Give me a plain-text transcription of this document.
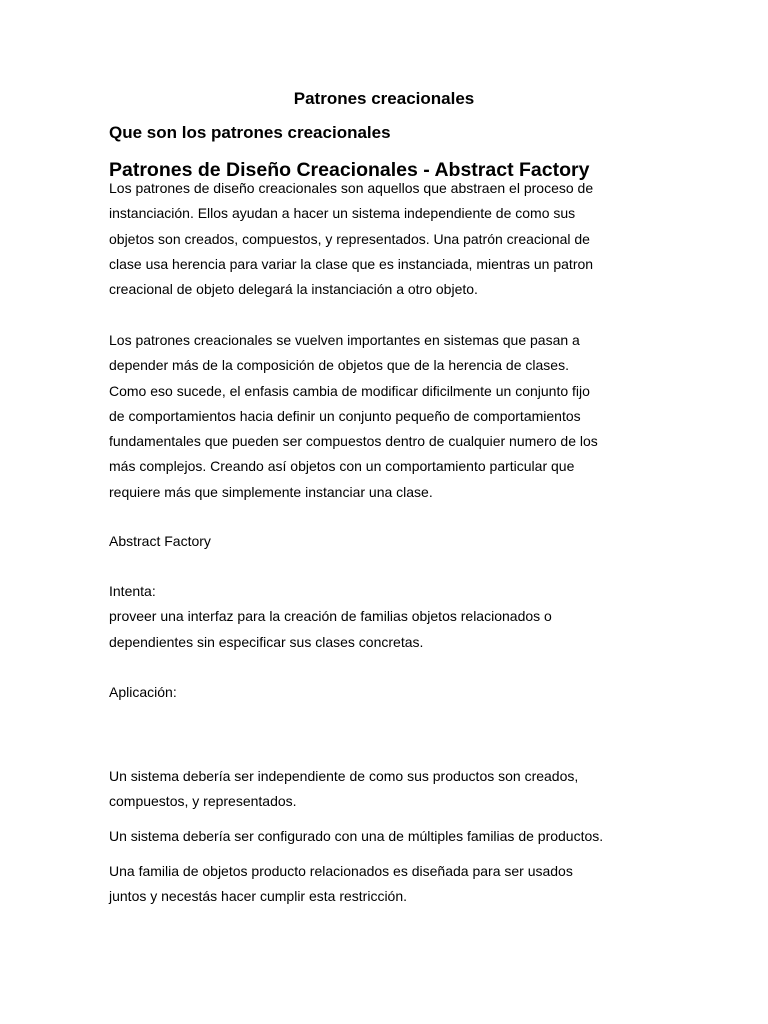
Patrones creacionales
Que son los patrones creacionales
Patrones de Diseño Creacionales - Abstract Factory

Los patrones de diseño creacionales son aquellos que abstraen el proceso de
instanciación. Ellos ayudan a hacer un sistema independiente de como sus
objetos son creados, compuestos, y representados. Una patrón creacional de
clase usa herencia para variar la clase que es instanciada, mientras un patron
creacional de objeto delegará la instanciación a otro objeto.

Los patrones creacionales se vuelven importantes en sistemas que pasan a
depender más de la composición de objetos que de la herencia de clases.
Como eso sucede, el enfasis cambia de modificar dificilmente un conjunto fijo
de comportamientos hacia definir un conjunto pequeño de comportamientos
fundamentales que pueden ser compuestos dentro de cualquier numero de los
más complejos. Creando así objetos con un comportamiento particular que
requiere más que simplemente instanciar una clase.

Abstract Factory

Intenta:
proveer una interfaz para la creación de familias objetos relacionados o
dependientes sin especificar sus clases concretas.

Aplicación:

Un sistema debería ser independiente de como sus productos son creados,
compuestos, y representados.

Un sistema debería ser configurado con una de múltiples familias de productos.

Una familia de objetos producto relacionados es diseñada para ser usados
juntos y necestás hacer cumplir esta restricción.
